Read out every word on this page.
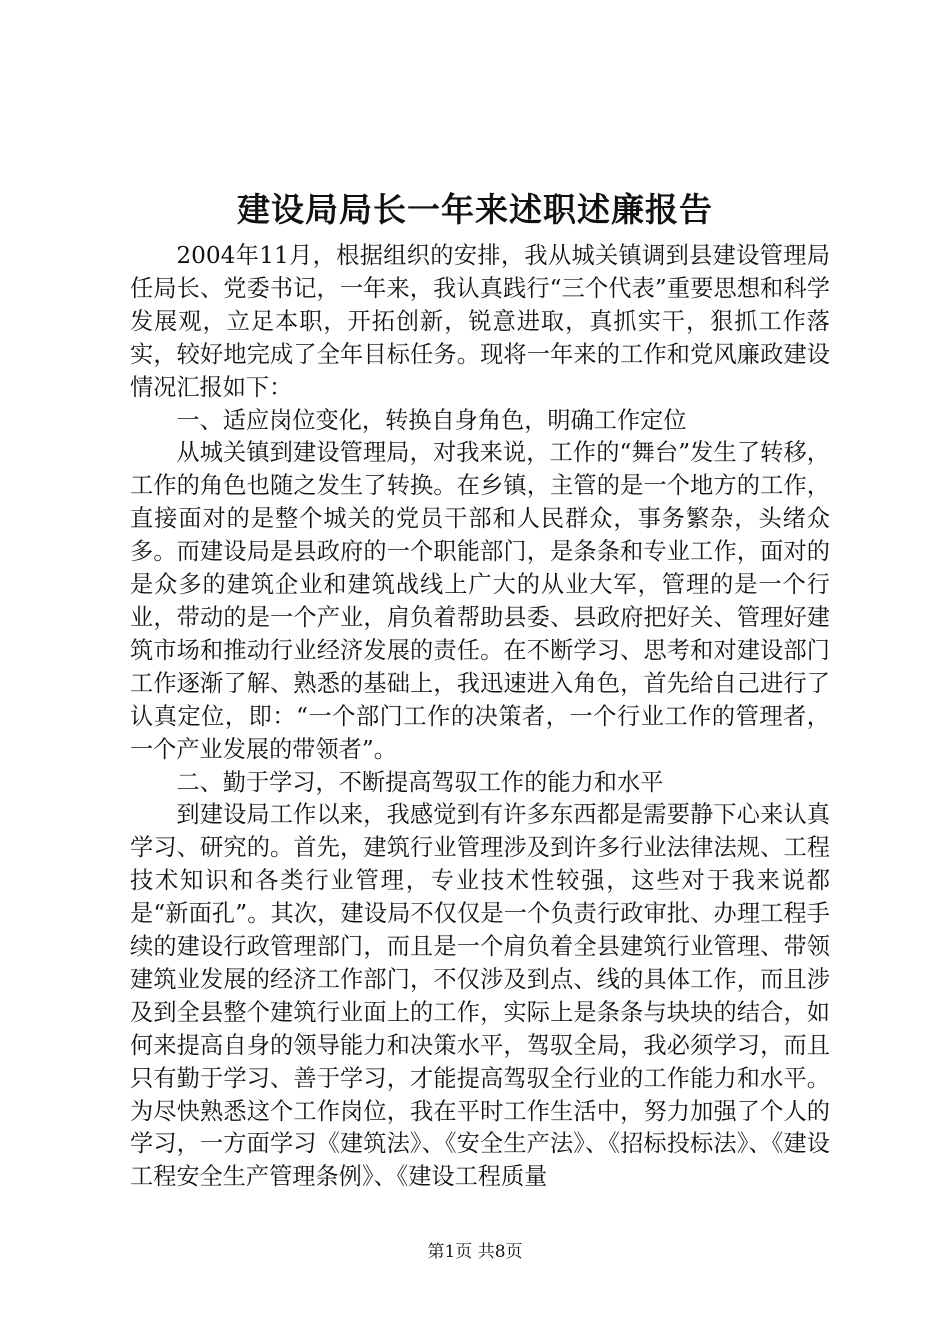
建设局局长一年来述职述廉报告

2004年11月，根据组织的安排，我从城关镇调到县建设管理局任局长、党委书记，一年来，我认真践行“三个代表”重要思想和科学发展观，立足本职，开拓创新，锐意进取，真抓实干，狠抓工作落实，较好地完成了全年目标任务。现将一年来的工作和党风廉政建设情况汇报如下：

一、适应岗位变化，转换自身角色，明确工作定位

从城关镇到建设管理局，对我来说，工作的“舞台”发生了转移，工作的角色也随之发生了转换。在乡镇，主管的是一个地方的工作，直接面对的是整个城关的党员干部和人民群众，事务繁杂，头绪众多。而建设局是县政府的一个职能部门，是条条和专业工作，面对的是众多的建筑企业和建筑战线上广大的从业大军，管理的是一个行业，带动的是一个产业，肩负着帮助县委、县政府把好关、管理好建筑市场和推动行业经济发展的责任。在不断学习、思考和对建设部门工作逐渐了解、熟悉的基础上，我迅速进入角色，首先给自己进行了认真定位，即：“一个部门工作的决策者，一个行业工作的管理者，一个产业发展的带领者”。

二、勤于学习，不断提高驾驭工作的能力和水平

到建设局工作以来，我感觉到有许多东西都是需要静下心来认真学习、研究的。首先，建筑行业管理涉及到许多行业法律法规、工程技术知识和各类行业管理，专业技术性较强，这些对于我来说都是“新面孔”。其次，建设局不仅仅是一个负责行政审批、办理工程手续的建设行政管理部门，而且是一个肩负着全县建筑行业管理、带领建筑业发展的经济工作部门，不仅涉及到点、线的具体工作，而且涉及到全县整个建筑行业面上的工作，实际上是条条与块块的结合，如何来提高自身的领导能力和决策水平，驾驭全局，我必须学习，而且只有勤于学习、善于学习，才能提高驾驭全行业的工作能力和水平。为尽快熟悉这个工作岗位，我在平时工作生活中，努力加强了个人的学习，一方面学习《建筑法》、《安全生产法》、《招标投标法》、《建设工程安全生产管理条例》、《建设工程质量

第1页 共8页
